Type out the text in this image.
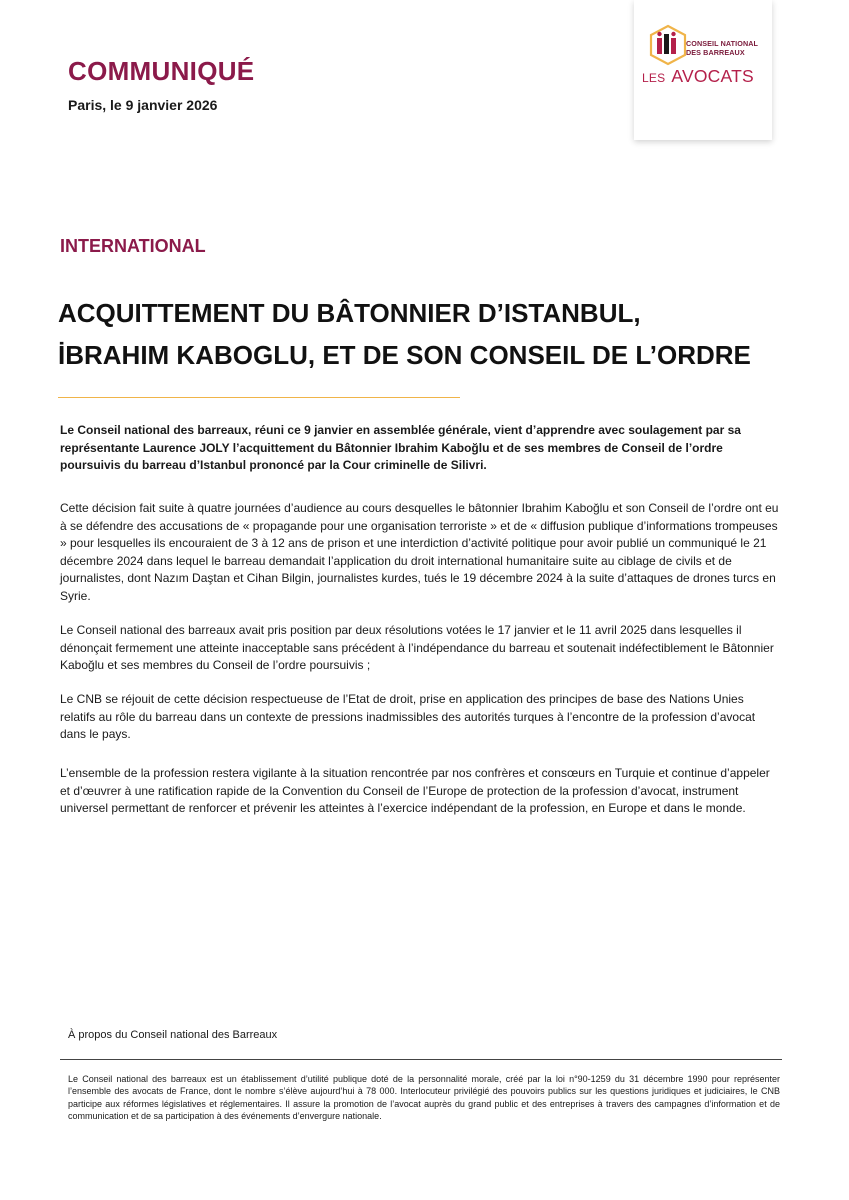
COMMUNIQUÉ

Paris, le 9 janvier 2026

CONSEIL NATIONAL
DES BARREAUX
LES AVOCATS
INTERNATIONAL
ACQUITTEMENT DU BÂTONNIER D’ISTANBUL,
İBRAHIM KABOGLU, ET DE SON CONSEIL DE L’ORDRE

Le Conseil national des barreaux, réuni ce 9 janvier en assemblée générale, vient d’apprendre avec soulagement par sa représentante Laurence JOLY l’acquittement du Bâtonnier Ibrahim Kaboğlu et de ses membres de Conseil de l’ordre poursuivis du barreau d’Istanbul prononcé par la Cour criminelle de Silivri.

Cette décision fait suite à quatre journées d’audience au cours desquelles le bâtonnier Ibrahim Kaboğlu et son Conseil de l’ordre ont eu à se défendre des accusations de « propagande pour une organisation terroriste » et de « diffusion publique d’informations trompeuses » pour lesquelles ils encouraient de 3 à 12 ans de prison et une interdiction d’activité politique pour avoir publié un communiqué le 21 décembre 2024 dans lequel le barreau demandait l’application du droit international humanitaire suite au ciblage de civils et de journalistes, dont Nazım Daştan et Cihan Bilgin, journalistes kurdes, tués le 19 décembre 2024 à la suite d’attaques de drones turcs en Syrie.

Le Conseil national des barreaux avait pris position par deux résolutions votées le 17 janvier et le 11 avril 2025 dans lesquelles il dénonçait fermement une atteinte inacceptable sans précédent à l’indépendance du barreau et soutenait indéfectiblement le Bâtonnier Kaboğlu et ses membres du Conseil de l’ordre poursuivis ;

Le CNB se réjouit de cette décision respectueuse de l’Etat de droit, prise en application des principes de base des Nations Unies relatifs au rôle du barreau dans un contexte de pressions inadmissibles des autorités turques à l’encontre de la profession d’avocat dans le pays.

L’ensemble de la profession restera vigilante à la situation rencontrée par nos confrères et consœurs en Turquie et continue d’appeler et d’œuvrer à une ratification rapide de la Convention du Conseil de l’Europe de protection de la profession d’avocat, instrument universel permettant de renforcer et prévenir les atteintes à l’exercice indépendant de la profession, en Europe et dans le monde.

À propos du Conseil national des Barreaux

Le Conseil national des barreaux est un établissement d’utilité publique doté de la personnalité morale, créé par la loi n°90-1259 du 31 décembre 1990 pour représenter l’ensemble des avocats de France, dont le nombre s’élève aujourd’hui à 78 000. Interlocuteur privilégié des pouvoirs publics sur les questions juridiques et judiciaires, le CNB participe aux réformes législatives et réglementaires. Il assure la promotion de l’avocat auprès du grand public et des entreprises à travers des campagnes d’information et de communication et de sa participation à des événements d’envergure nationale.
